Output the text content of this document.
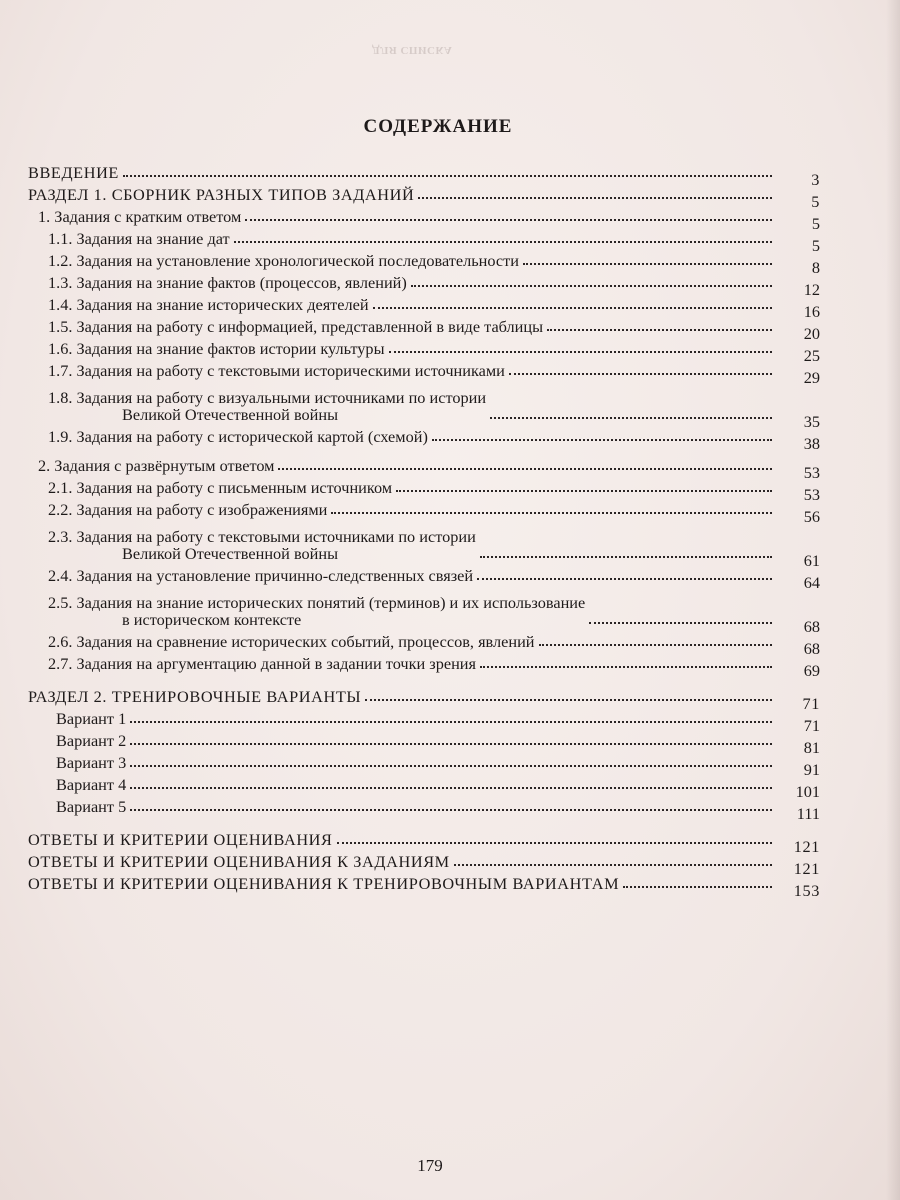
ДЛЯ СПИСКА
СОДЕРЖАНИЕ
ВВЕДЕНИЕ	3
РАЗДЕЛ 1. СБОРНИК РАЗНЫХ ТИПОВ ЗАДАНИЙ	5
1. Задания с кратким ответом	5
1.1. Задания на знание дат	5
1.2. Задания на установление хронологической последовательности	8
1.3. Задания на знание фактов (процессов, явлений)	12
1.4. Задания на знание исторических деятелей	16
1.5. Задания на работу с информацией, представленной в виде таблицы	20
1.6. Задания на знание фактов истории культуры	25
1.7. Задания на работу с текстовыми историческими источниками	29
1.8. Задания на работу с визуальными источниками по истории
Великой Отечественной войны	35
1.9. Задания на работу с исторической картой (схемой)	38
2. Задания с развёрнутым ответом	53
2.1. Задания на работу с письменным источником	53
2.2. Задания на работу с изображениями	56
2.3. Задания на работу с текстовыми источниками по истории
Великой Отечественной войны	61
2.4. Задания на установление причинно-следственных связей	64
2.5. Задания на знание исторических понятий (терминов) и их использование
в историческом контексте	68
2.6. Задания на сравнение исторических событий, процессов, явлений	68
2.7. Задания на аргументацию данной в задании точки зрения	69
РАЗДЕЛ 2. ТРЕНИРОВОЧНЫЕ ВАРИАНТЫ	71
Вариант 1	71
Вариант 2	81
Вариант 3	91
Вариант 4	101
Вариант 5	111
ОТВЕТЫ И КРИТЕРИИ ОЦЕНИВАНИЯ	121
ОТВЕТЫ И КРИТЕРИИ ОЦЕНИВАНИЯ К ЗАДАНИЯМ	121
ОТВЕТЫ И КРИТЕРИИ ОЦЕНИВАНИЯ К ТРЕНИРОВОЧНЫМ ВАРИАНТАМ	153
179
